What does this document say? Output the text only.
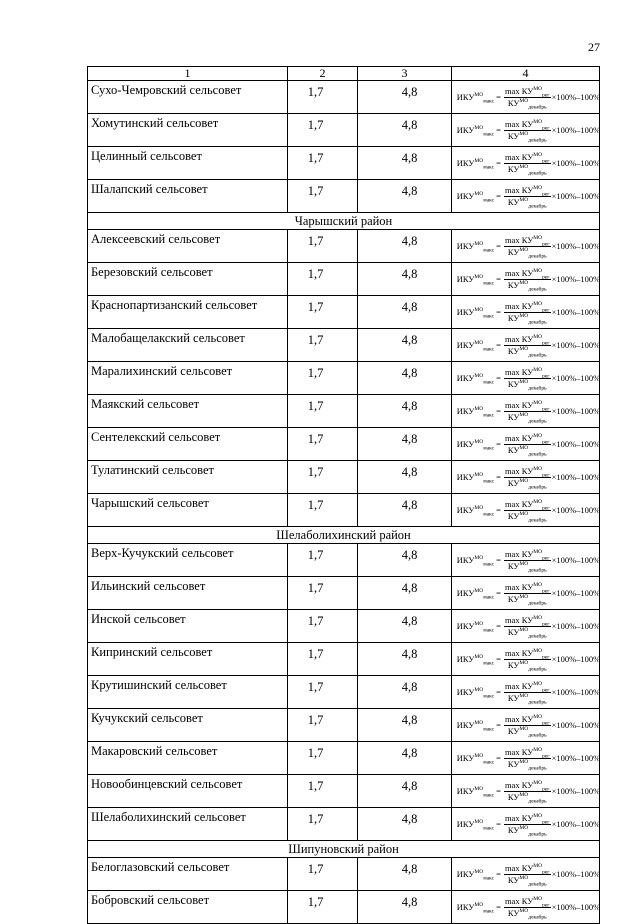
27
1	2	3	4
Сухо-Чемровский сельсовет	1,7	4,8	$ИКУ^{МО}_{макс} = \frac{\max КУ^{МО}_{рег}}{КУ^{МО}_{декабрь}} \times 100\%-100\%$

Хомутинский сельсовет	1,7	4,8	$ИКУ^{МО}_{макс} = \frac{\max КУ^{МО}_{рег}}{КУ^{МО}_{декабрь}} \times 100\%-100\%$

Целинный сельсовет	1,7	4,8	$ИКУ^{МО}_{макс} = \frac{\max КУ^{МО}_{рег}}{КУ^{МО}_{декабрь}} \times 100\%-100\%$

Шалапский сельсовет	1,7	4,8	$ИКУ^{МО}_{макс} = \frac{\max КУ^{МО}_{рег}}{КУ^{МО}_{декабрь}} \times 100\%-100\%$

Чарышский район			
Алексеевский сельсовет	1,7	4,8	$ИКУ^{МО}_{макс} = \frac{\max КУ^{МО}_{рег}}{КУ^{МО}_{декабрь}} \times 100\%-100\%$

Березовский сельсовет	1,7	4,8	$ИКУ^{МО}_{макс} = \frac{\max КУ^{МО}_{рег}}{КУ^{МО}_{декабрь}} \times 100\%-100\%$

Краснопартизанский сельсовет	1,7	4,8	$ИКУ^{МО}_{макс} = \frac{\max КУ^{МО}_{рег}}{КУ^{МО}_{декабрь}} \times 100\%-100\%$

Малобащелакский сельсовет	1,7	4,8	$ИКУ^{МО}_{макс} = \frac{\max КУ^{МО}_{рег}}{КУ^{МО}_{декабрь}} \times 100\%-100\%$

Маралихинский сельсовет	1,7	4,8	$ИКУ^{МО}_{макс} = \frac{\max КУ^{МО}_{рег}}{КУ^{МО}_{декабрь}} \times 100\%-100\%$

Маякский сельсовет	1,7	4,8	$ИКУ^{МО}_{макс} = \frac{\max КУ^{МО}_{рег}}{КУ^{МО}_{декабрь}} \times 100\%-100\%$

Сентелекский сельсовет	1,7	4,8	$ИКУ^{МО}_{макс} = \frac{\max КУ^{МО}_{рег}}{КУ^{МО}_{декабрь}} \times 100\%-100\%$

Тулатинский сельсовет	1,7	4,8	$ИКУ^{МО}_{макс} = \frac{\max КУ^{МО}_{рег}}{КУ^{МО}_{декабрь}} \times 100\%-100\%$

Чарышский сельсовет	1,7	4,8	$ИКУ^{МО}_{макс} = \frac{\max КУ^{МО}_{рег}}{КУ^{МО}_{декабрь}} \times 100\%-100\%$

Шелаболихинский район			
Верх-Кучукский сельсовет	1,7	4,8	$ИКУ^{МО}_{макс} = \frac{\max КУ^{МО}_{рег}}{КУ^{МО}_{декабрь}} \times 100\%-100\%$

Ильинский сельсовет	1,7	4,8	$ИКУ^{МО}_{макс} = \frac{\max КУ^{МО}_{рег}}{КУ^{МО}_{декабрь}} \times 100\%-100\%$

Инской сельсовет	1,7	4,8	$ИКУ^{МО}_{макс} = \frac{\max КУ^{МО}_{рег}}{КУ^{МО}_{декабрь}} \times 100\%-100\%$

Кипринский сельсовет	1,7	4,8	$ИКУ^{МО}_{макс} = \frac{\max КУ^{МО}_{рег}}{КУ^{МО}_{декабрь}} \times 100\%-100\%$

Крутишинский сельсовет	1,7	4,8	$ИКУ^{МО}_{макс} = \frac{\max КУ^{МО}_{рег}}{КУ^{МО}_{декабрь}} \times 100\%-100\%$

Кучукский сельсовет	1,7	4,8	$ИКУ^{МО}_{макс} = \frac{\max КУ^{МО}_{рег}}{КУ^{МО}_{декабрь}} \times 100\%-100\%$

Макаровский сельсовет	1,7	4,8	$ИКУ^{МО}_{макс} = \frac{\max КУ^{МО}_{рег}}{КУ^{МО}_{декабрь}} \times 100\%-100\%$

Новообинцевский сельсовет	1,7	4,8	$ИКУ^{МО}_{макс} = \frac{\max КУ^{МО}_{рег}}{КУ^{МО}_{декабрь}} \times 100\%-100\%$

Шелаболихинский сельсовет	1,7	4,8	$ИКУ^{МО}_{макс} = \frac{\max КУ^{МО}_{рег}}{КУ^{МО}_{декабрь}} \times 100\%-100\%$

Шипуновский район			
Белоглазовский сельсовет	1,7	4,8	$ИКУ^{МО}_{макс} = \frac{\max КУ^{МО}_{рег}}{КУ^{МО}_{декабрь}} \times 100\%-100\%$

Бобровский сельсовет	1,7	4,8	$ИКУ^{МО}_{макс} = \frac{\max КУ^{МО}_{рег}}{КУ^{МО}_{декабрь}} \times 100\%-100\%$
